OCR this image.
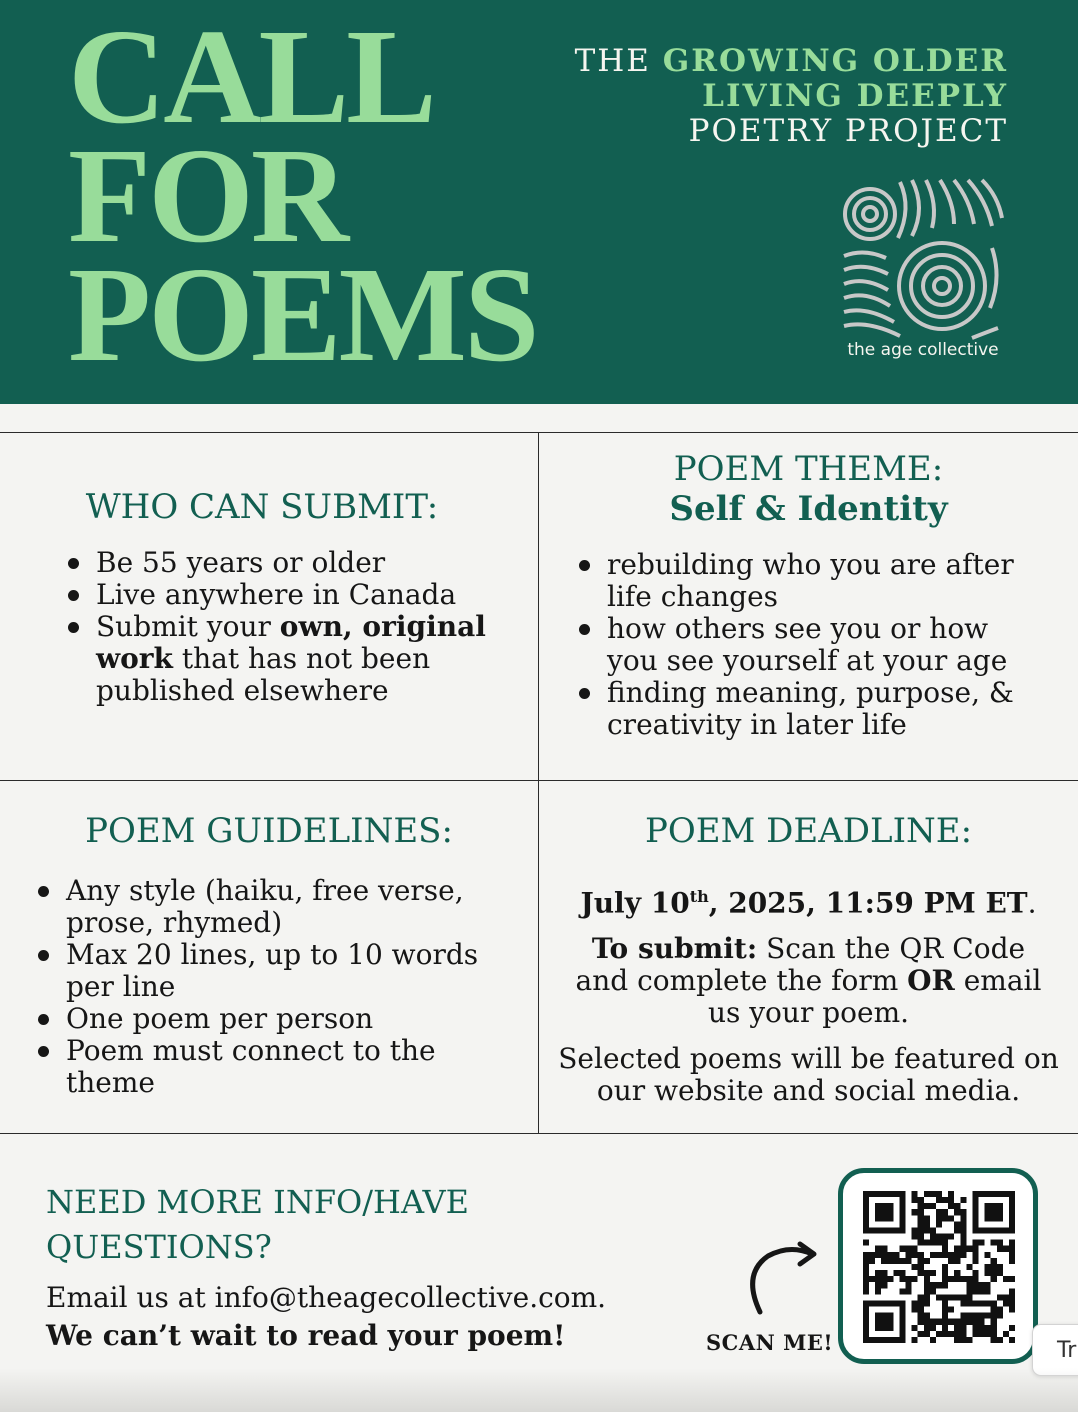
CALL
FOR
POEMS
THE GROWING OLDER
LIVING DEEPLY
POETRY PROJECT
the age collective
WHO CAN SUBMIT:
Be 55 years or older
Live anywhere in Canada
Submit your own, original work that has not been published elsewhere
POEM THEME:
Self & Identity
rebuilding who you are after life changes
how others see you or how you see yourself at your age
finding meaning, purpose, & creativity in later life
POEM GUIDELINES:
Any style (haiku, free verse, prose, rhymed)
Max 20 lines, up to 10 words per line
One poem per person
Poem must connect to the theme
POEM DEADLINE:

July 10th, 2025, 11:59 PM ET.

To submit: Scan the QR Code and complete the form OR email us your poem.

Selected poems will be featured on our website and social media.

NEED MORE INFO/HAVE QUESTIONS?

Email us at info@theagecollective.com.

We can’t wait to read your poem!	SCAN ME!	Tr
